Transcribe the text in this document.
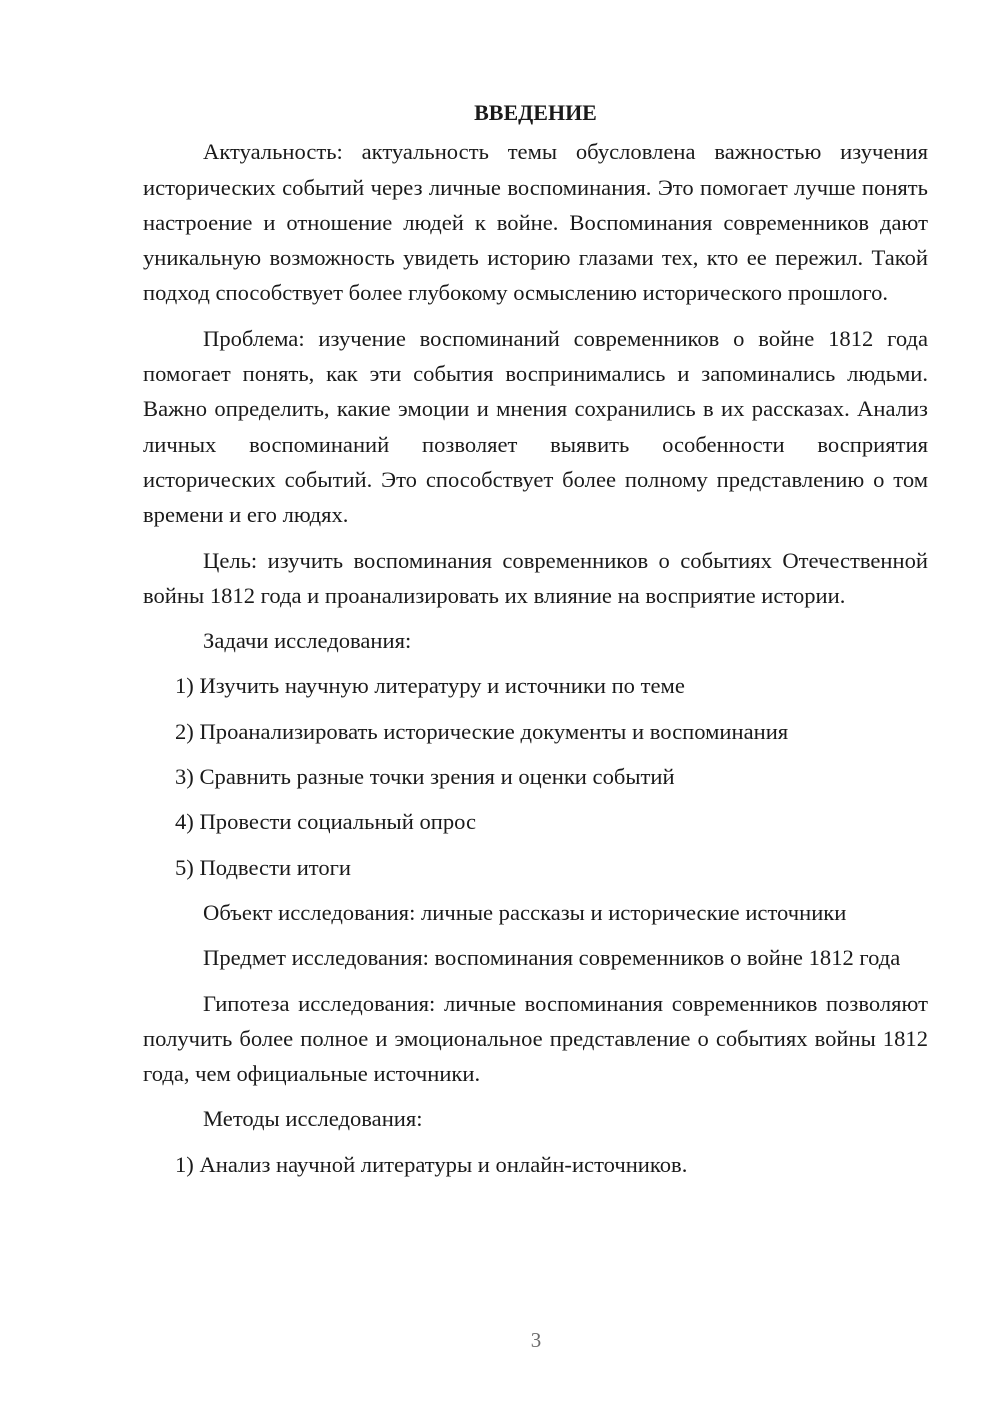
ВВЕДЕНИЕ

Актуальность: актуальность темы обусловлена важностью изучения исторических событий через личные воспоминания. Это помогает лучше понять настроение и отношение людей к войне. Воспоминания современников дают уникальную возможность увидеть историю глазами тех, кто ее пережил. Такой подход способствует более глубокому осмыслению исторического прошлого.

Проблема: изучение воспоминаний современников о войне 1812 года помогает понять, как эти события воспринимались и запоминались людьми. Важно определить, какие эмоции и мнения сохранились в их рассказах. Анализ личных воспоминаний позволяет выявить особенности восприятия исторических событий. Это способствует более полному представлению о том времени и его людях.

Цель: изучить воспоминания современников о событиях Отечественной войны 1812 года и проанализировать их влияние на восприятие истории.

Задачи исследования:

1) Изучить научную литературу и источники по теме

2) Проанализировать исторические документы и воспоминания

3) Сравнить разные точки зрения и оценки событий

4) Провести социальный опрос

5) Подвести итоги

Объект исследования: личные рассказы и исторические источники

Предмет исследования: воспоминания современников о войне 1812 года

Гипотеза исследования: личные воспоминания современников позволяют получить более полное и эмоциональное представление о событиях войны 1812 года, чем официальные источники.

Методы исследования:

1) Анализ научной литературы и онлайн-источников.

3
